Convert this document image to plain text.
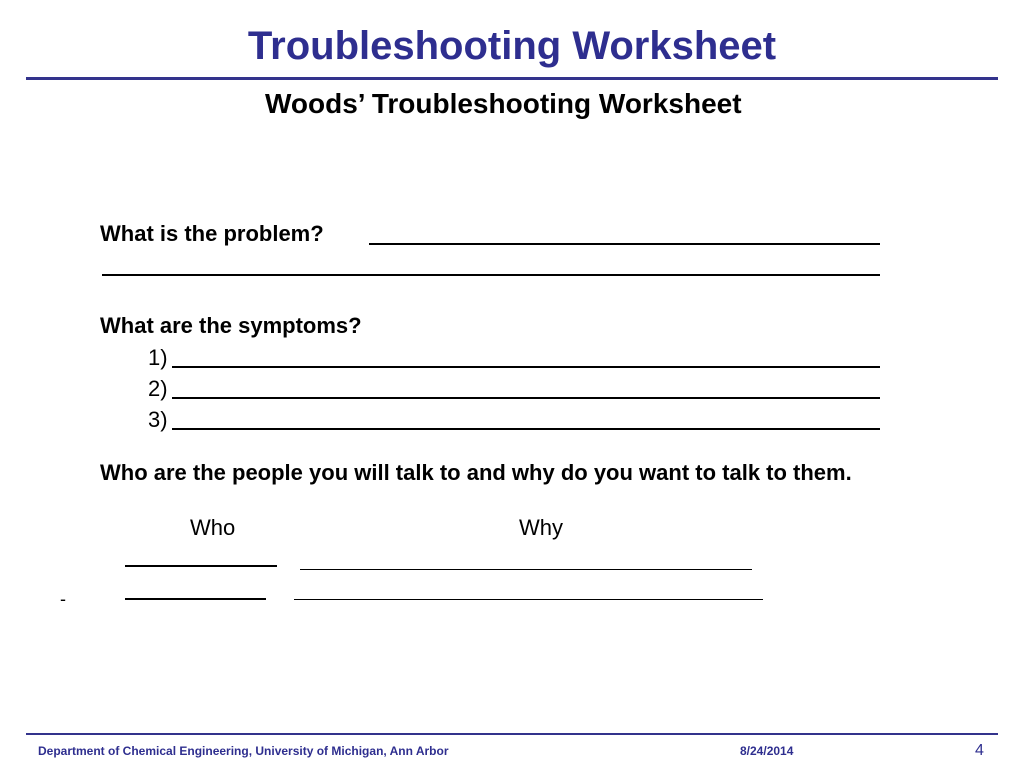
Troubleshooting Worksheet
Woods’ Troubleshooting Worksheet
What is the problem?
What are the symptoms?
1)
2)
3)
Who are the people you will talk to and why do you want to talk to them.
Who	Why
-
Department of Chemical Engineering, University of Michigan, Ann Arbor	8/24/2014	4
